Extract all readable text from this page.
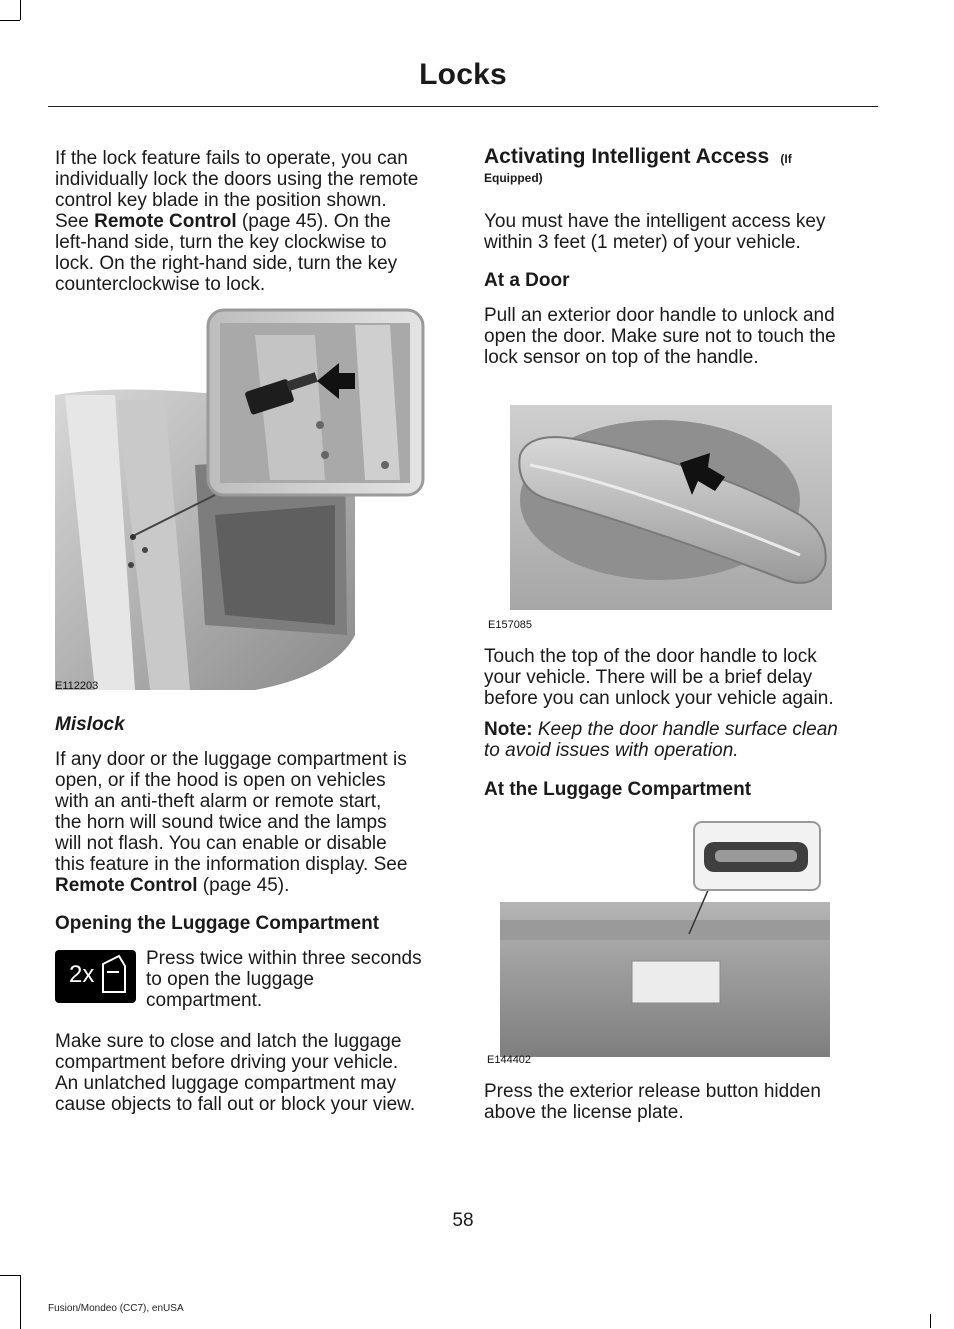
Locks

If the lock feature fails to operate, you can

individually lock the doors using the remote

control key blade in the position shown.

See Remote Control (page 45). On the

left-hand side, turn the key clockwise to

lock. On the right-hand side, turn the key

counterclockwise to lock.

E112203

Mislock

If any door or the luggage compartment is

open, or if the hood is open on vehicles

with an anti-theft alarm or remote start,

the horn will sound twice and the lamps

will not flash. You can enable or disable

this feature in the information display. See

Remote Control (page 45).

Opening the Luggage Compartment

2x

Press twice within three seconds

to open the luggage

compartment.

Make sure to close and latch the luggage

compartment before driving your vehicle.

An unlatched luggage compartment may

cause objects to fall out or block your view.

Activating Intelligent Access (If

Equipped)

You must have the intelligent access key

within 3 feet (1 meter) of your vehicle.

At a Door

Pull an exterior door handle to unlock and

open the door. Make sure not to touch the

lock sensor on top of the handle.

E157085

Touch the top of the door handle to lock

your vehicle. There will be a brief delay

before you can unlock your vehicle again.

Note: Keep the door handle surface clean

to avoid issues with operation.

At the Luggage Compartment

E144402

Press the exterior release button hidden

above the license plate.

58
Fusion/Mondeo (CC7), enUSA
